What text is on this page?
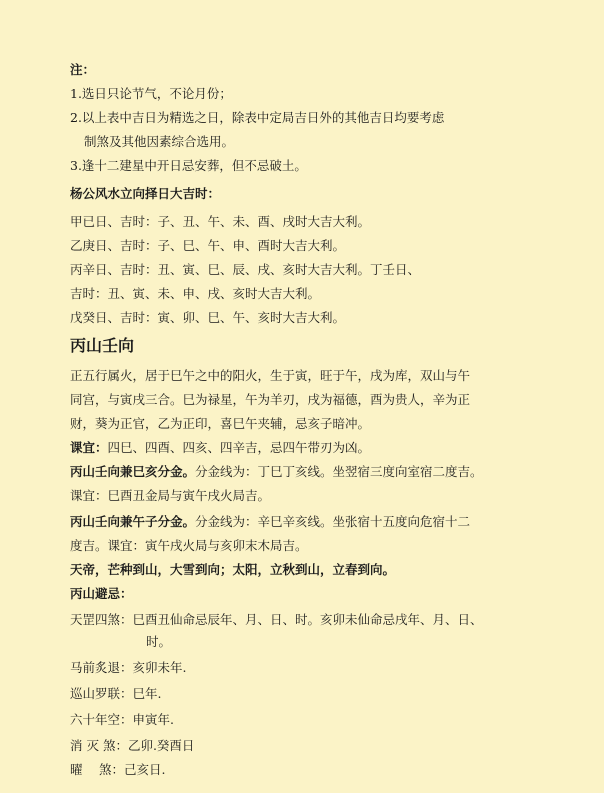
注：
1.选日只论节气，不论月份；
2.以上表中吉日为精选之日，除表中定局吉日外的其他吉日均要考虑
制煞及其他因素综合选用。
3.逢十二建星中开日忌安葬，但不忌破土。
杨公风水立向择日大吉时：
甲已日、吉时：子、丑、午、未、酉、戌时大吉大利。
乙庚日、吉时：子、巳、午、申、酉时大吉大利。
丙辛日、吉时：丑、寅、巳、辰、戌、亥时大吉大利。丁壬日、
吉时：丑、寅、未、申、戌、亥时大吉大利。
戊癸日、吉时：寅、卯、巳、午、亥时大吉大利。
丙山壬向
正五行属火，居于巳午之中的阳火，生于寅，旺于午，戌为库，双山与午
同宫，与寅戌三合。巳为禄星，午为羊刃，戌为福德，酉为贵人，辛为正
财，葵为正官，乙为正印，喜巳午夹辅，忌亥子暗冲。
课宜：四巳、四酉、四亥、四辛吉，忌四午带刃为凶。
丙山壬向兼巳亥分金。分金线为：丁巳丁亥线。坐翌宿三度向室宿二度吉。
课宜：巳酉丑金局与寅午戌火局吉。
丙山壬向兼午子分金。分金线为：辛巳辛亥线。坐张宿十五度向危宿十二
度吉。课宜：寅午戌火局与亥卯末木局吉。
天帝，芒种到山，大雪到向；太阳，立秋到山，立春到向。
丙山避忌：
天罡四煞：巳酉丑仙命忌辰年、月、日、时。亥卯未仙命忌戌年、月、日、
时。
马前炙退：亥卯未年.
巡山罗联：巳年.
六十年空：申寅年.
消 灭 煞：乙卯.癸酉日
曜　 煞：己亥日.
